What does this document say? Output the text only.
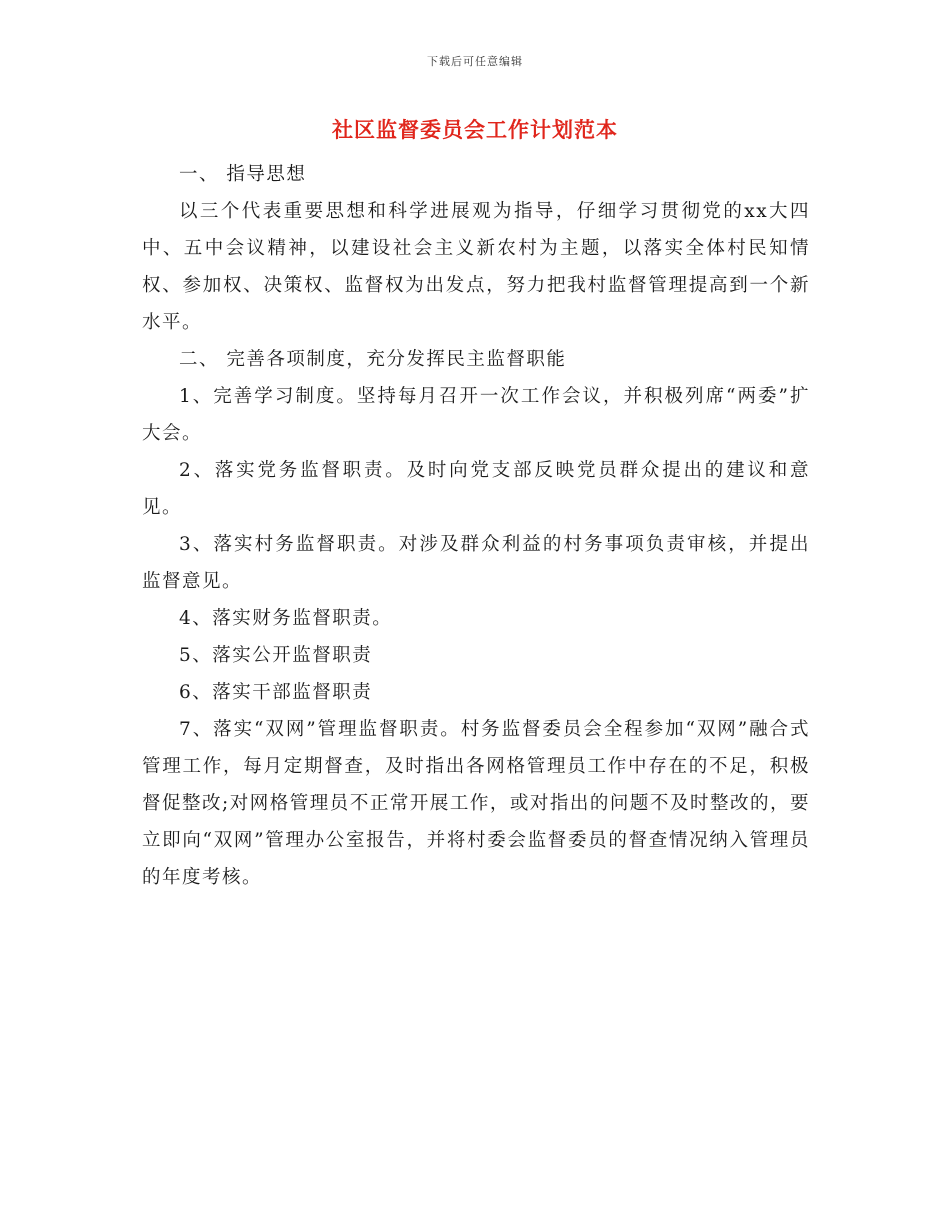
下载后可任意编辑
社区监督委员会工作计划范本

一、 指导思想

以三个代表重要思想和科学进展观为指导，仔细学习贯彻党的xx大四中、五中会议精神，以建设社会主义新农村为主题，以落实全体村民知情权、参加权、决策权、监督权为出发点，努力把我村监督管理提高到一个新水平。

二、 完善各项制度，充分发挥民主监督职能

1、完善学习制度。坚持每月召开一次工作会议，并积极列席“两委”扩大会。

2、落实党务监督职责。及时向党支部反映党员群众提出的建议和意见。

3、落实村务监督职责。对涉及群众利益的村务事项负责审核，并提出监督意见。

4、落实财务监督职责。

5、落实公开监督职责

6、落实干部监督职责

7、落实“双网”管理监督职责。村务监督委员会全程参加“双网”融合式管理工作，每月定期督查，及时指出各网格管理员工作中存在的不足，积极督促整改;对网格管理员不正常开展工作，或对指出的问题不及时整改的，要立即向“双网”管理办公室报告，并将村委会监督委员的督查情况纳入管理员的年度考核。
